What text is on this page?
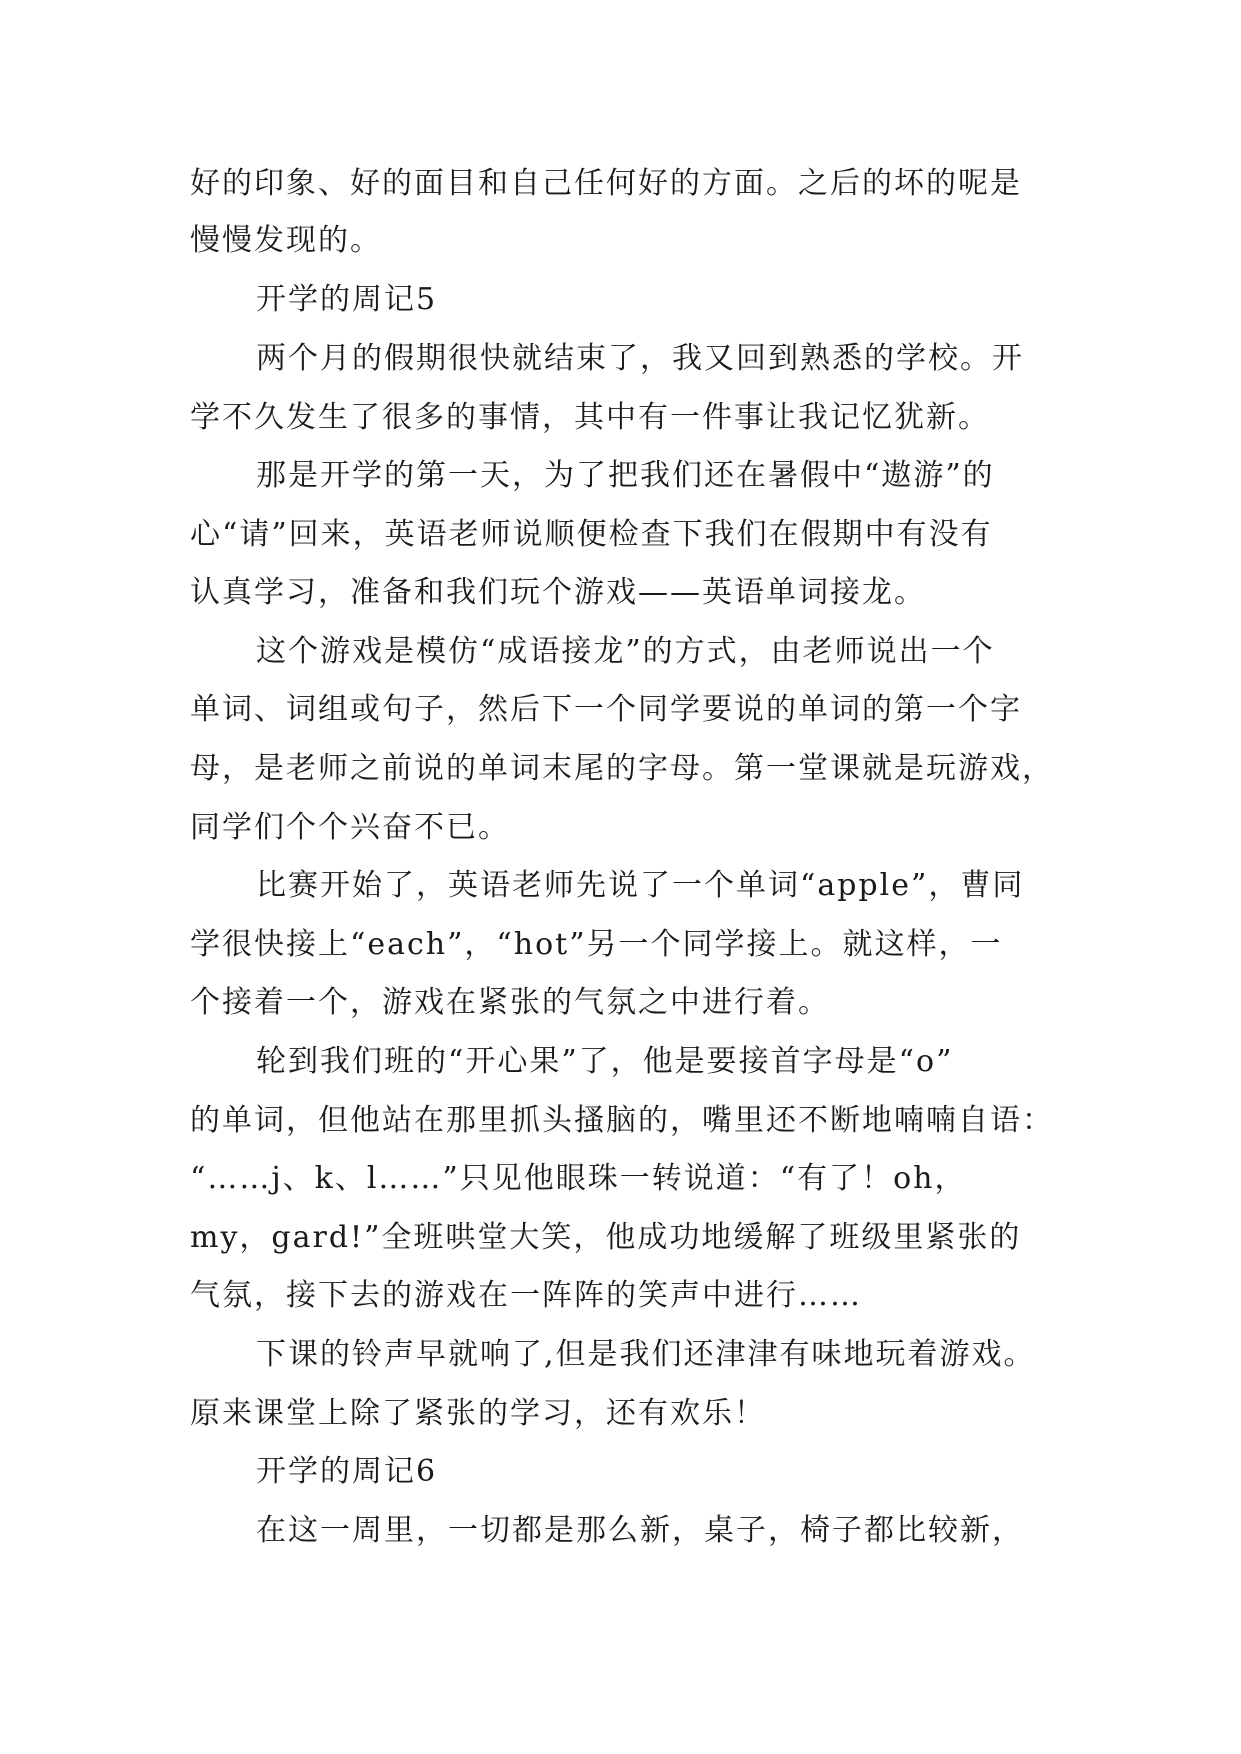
好的印象、好的面目和自己任何好的方面。之后的坏的呢是
慢慢发现的。
开学的周记5
两个月的假期很快就结束了，我又回到熟悉的学校。开
学不久发生了很多的事情，其中有一件事让我记忆犹新。
那是开学的第一天，为了把我们还在暑假中“遨游”的
心“请”回来，英语老师说顺便检查下我们在假期中有没有
认真学习，准备和我们玩个游戏——英语单词接龙。
这个游戏是模仿“成语接龙”的方式，由老师说出一个
单词、词组或句子，然后下一个同学要说的单词的第一个字
母，是老师之前说的单词末尾的字母。第一堂课就是玩游戏，
同学们个个兴奋不已。
比赛开始了，英语老师先说了一个单词“apple”，曹同
学很快接上“each”，“hot”另一个同学接上。就这样，一
个接着一个，游戏在紧张的气氛之中进行着。
轮到我们班的“开心果”了，他是要接首字母是“o”
的单词，但他站在那里抓头搔脑的，嘴里还不断地喃喃自语：
“……j、k、l……”只见他眼珠一转说道：“有了！oh，
my，gard!”全班哄堂大笑，他成功地缓解了班级里紧张的
气氛，接下去的游戏在一阵阵的笑声中进行……
下课的铃声早就响了,但是我们还津津有味地玩着游戏。
原来课堂上除了紧张的学习，还有欢乐！
开学的周记6
在这一周里，一切都是那么新，桌子，椅子都比较新，
